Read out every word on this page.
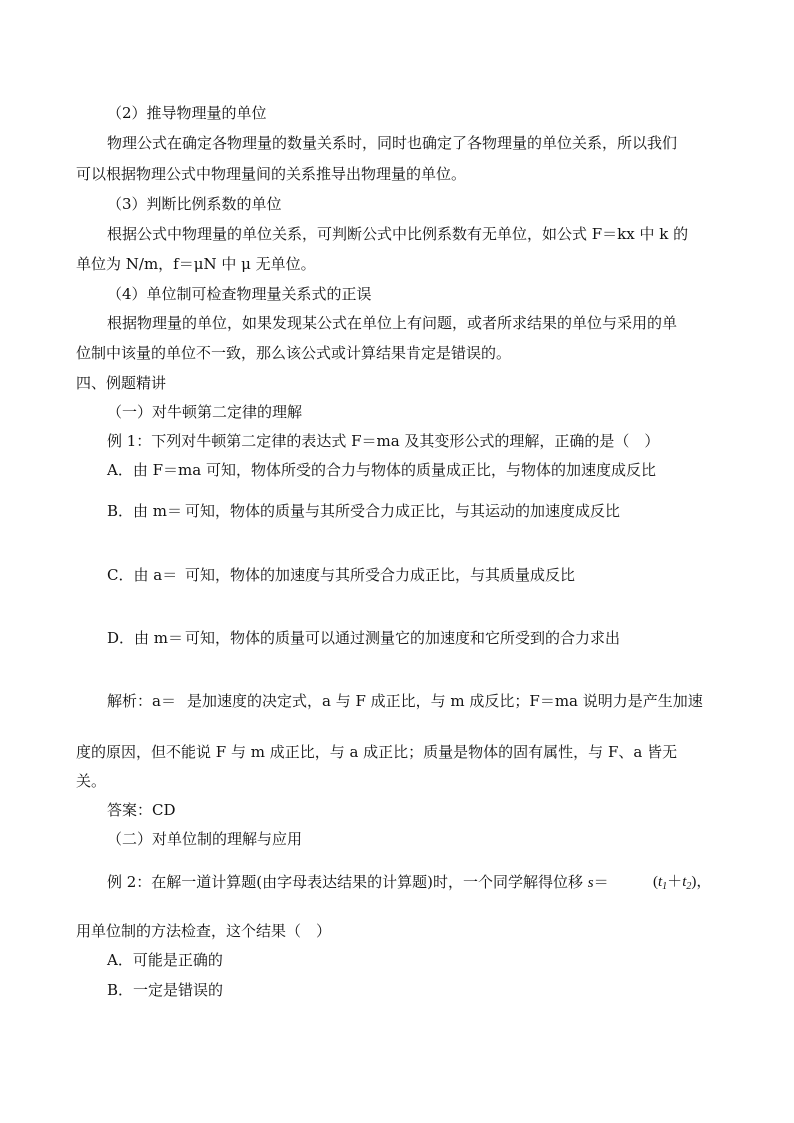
（2）推导物理量的单位
物理公式在确定各物理量的数量关系时，同时也确定了各物理量的单位关系，所以我们
可以根据物理公式中物理量间的关系推导出物理量的单位。
（3）判断比例系数的单位
根据公式中物理量的单位关系，可判断公式中比例系数有无单位，如公式 F＝kx 中 k 的
单位为 N/m，f＝μN 中 μ 无单位。
（4）单位制可检查物理量关系式的正误
根据物理量的单位，如果发现某公式在单位上有问题，或者所求结果的单位与采用的单
位制中该量的单位不一致，那么该公式或计算结果肯定是错误的。
四、例题精讲
（一）对牛顿第二定律的理解
例 1：下列对牛顿第二定律的表达式 F＝ma 及其变形公式的理解，正确的是（　）
A．由 F＝ma 可知，物体所受的合力与物体的质量成正比，与物体的加速度成反比
B．由 m＝ 可知，物体的质量与其所受合力成正比，与其运动的加速度成反比
C．由 a＝ 可知，物体的加速度与其所受合力成正比，与其质量成反比
D．由 m＝ 可知，物体的质量可以通过测量它的加速度和它所受到的合力求出
解析：a＝ 是加速度的决定式，a 与 F 成正比，与 m 成反比；F＝ma 说明力是产生加速
度的原因，但不能说 F 与 m 成正比，与 a 成正比；质量是物体的固有属性，与 F、a 皆无
关。
答案：CD
（二）对单位制的理解与应用
例 2：在解一道计算题(由字母表达结果的计算题)时，一个同学解得位移 s＝	$(t_1+t_2)$，
用单位制的方法检查，这个结果（　）
A．可能是正确的
B．一定是错误的
